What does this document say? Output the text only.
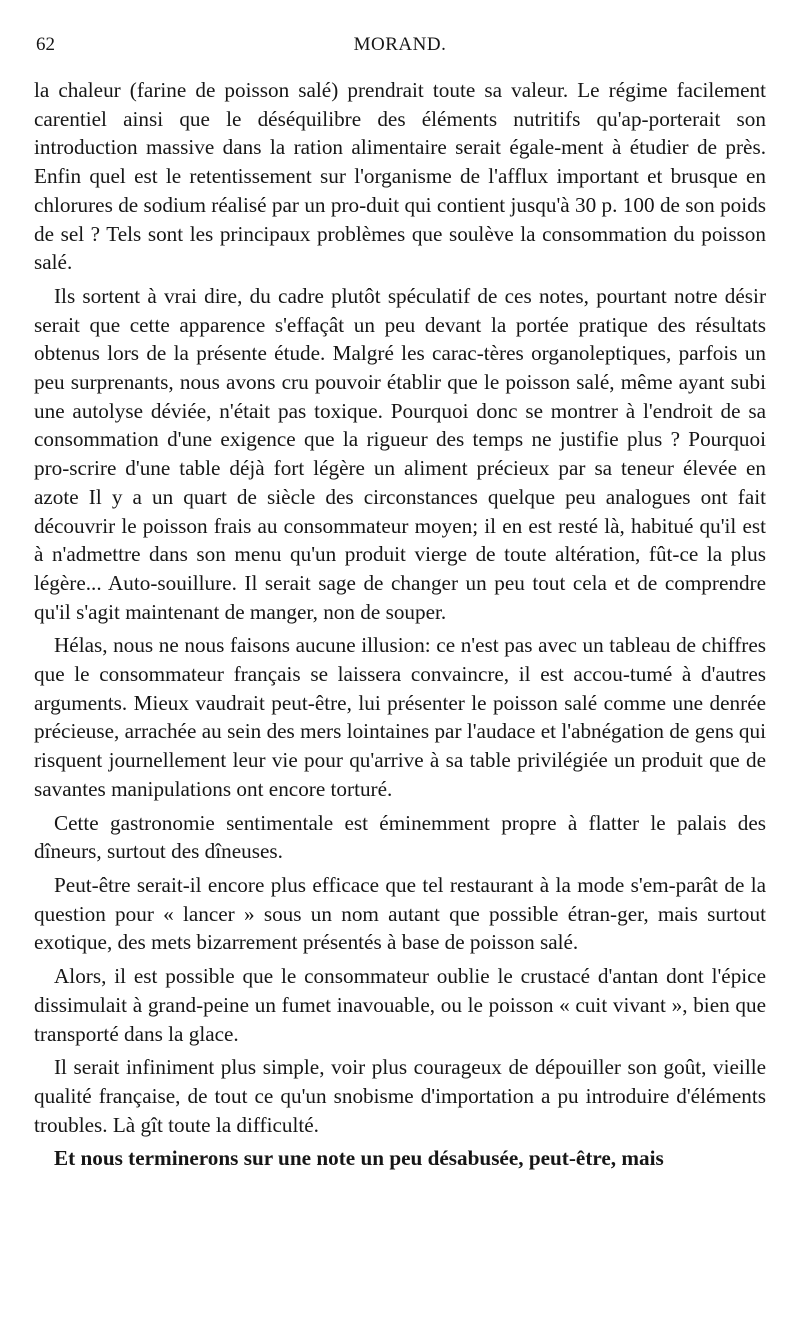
62	MORAND.

la chaleur (farine de poisson salé) prendrait toute sa valeur. Le régime facilement carentiel ainsi que le déséquilibre des éléments nutritifs qu'ap-porterait son introduction massive dans la ration alimentaire serait égale-ment à étudier de près. Enfin quel est le retentissement sur l'organisme de l'afflux important et brusque en chlorures de sodium réalisé par un pro-duit qui contient jusqu'à 30 p. 100 de son poids de sel ? Tels sont les principaux problèmes que soulève la consommation du poisson salé.

Ils sortent à vrai dire, du cadre plutôt spéculatif de ces notes, pourtant notre désir serait que cette apparence s'effaçât un peu devant la portée pratique des résultats obtenus lors de la présente étude. Malgré les carac-tères organoleptiques, parfois un peu surprenants, nous avons cru pouvoir établir que le poisson salé, même ayant subi une autolyse déviée, n'était pas toxique. Pourquoi donc se montrer à l'endroit de sa consommation d'une exigence que la rigueur des temps ne justifie plus ? Pourquoi pro-scrire d'une table déjà fort légère un aliment précieux par sa teneur élevée en azote Il y a un quart de siècle des circonstances quelque peu analogues ont fait découvrir le poisson frais au consommateur moyen; il en est resté là, habitué qu'il est à n'admettre dans son menu qu'un produit vierge de toute altération, fût-ce la plus légère... Auto-souillure. Il serait sage de changer un peu tout cela et de comprendre qu'il s'agit maintenant de manger, non de souper.

Hélas, nous ne nous faisons aucune illusion: ce n'est pas avec un tableau de chiffres que le consommateur français se laissera convaincre, il est accou-tumé à d'autres arguments. Mieux vaudrait peut-être, lui présenter le poisson salé comme une denrée précieuse, arrachée au sein des mers lointaines par l'audace et l'abnégation de gens qui risquent journellement leur vie pour qu'arrive à sa table privilégiée un produit que de savantes manipulations ont encore torturé.

Cette gastronomie sentimentale est éminemment propre à flatter le palais des dîneurs, surtout des dîneuses.

Peut-être serait-il encore plus efficace que tel restaurant à la mode s'em-parât de la question pour « lancer » sous un nom autant que possible étran-ger, mais surtout exotique, des mets bizarrement présentés à base de poisson salé.

Alors, il est possible que le consommateur oublie le crustacé d'antan dont l'épice dissimulait à grand-peine un fumet inavouable, ou le poisson « cuit vivant », bien que transporté dans la glace.

Il serait infiniment plus simple, voir plus courageux de dépouiller son goût, vieille qualité française, de tout ce qu'un snobisme d'importation a pu introduire d'éléments troubles. Là gît toute la difficulté.

Et nous terminerons sur une note un peu désabusée, peut-être, mais
